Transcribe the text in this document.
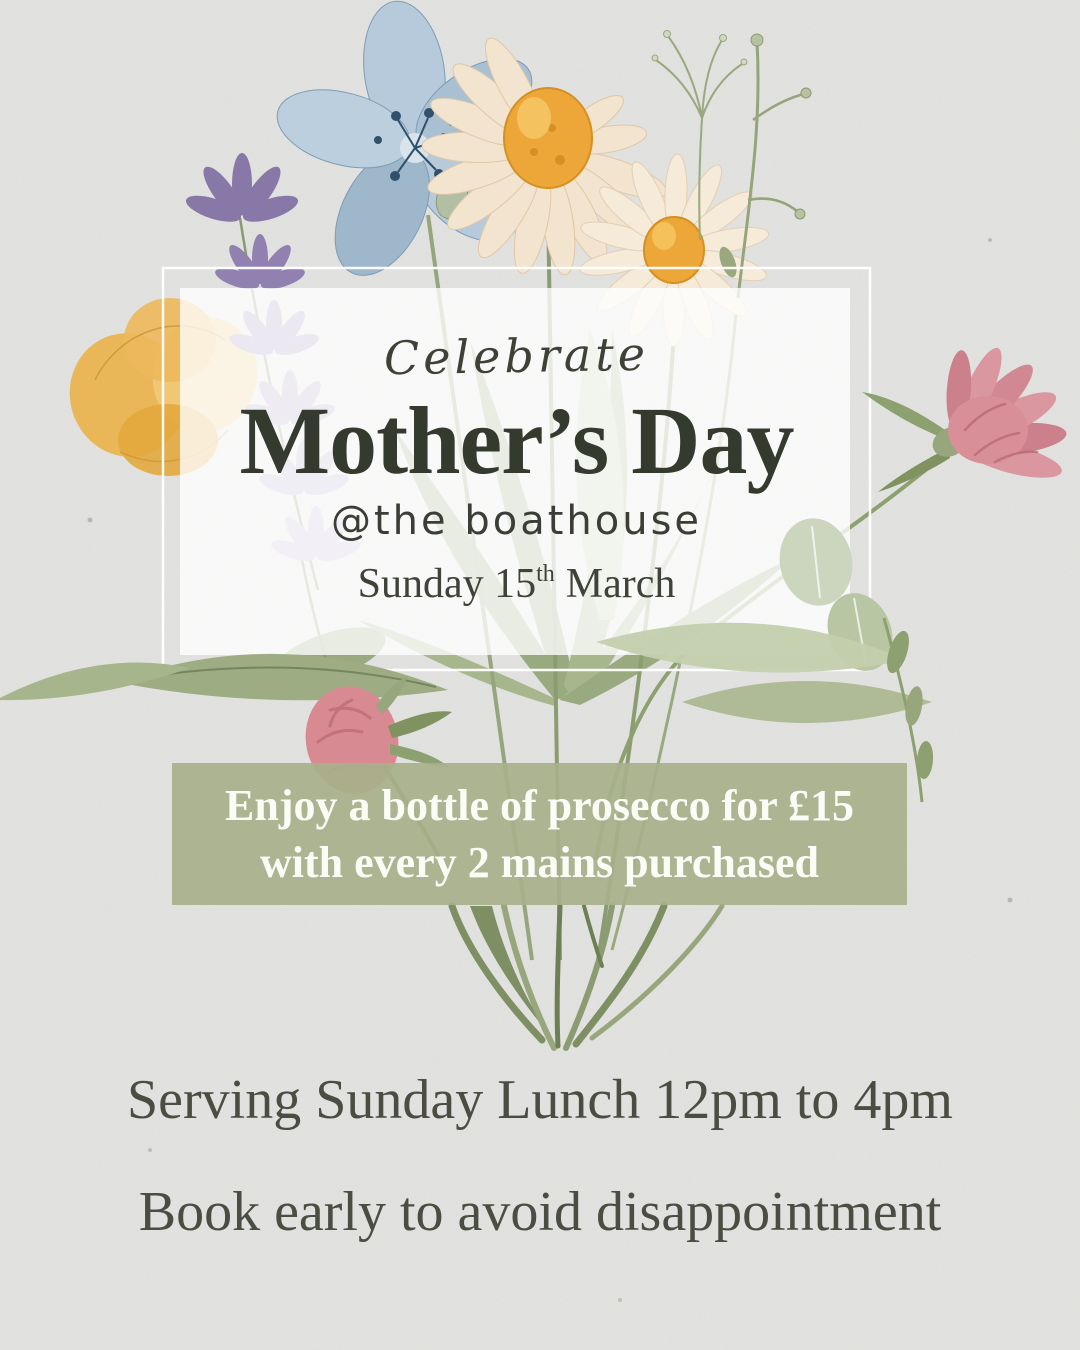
Celebrate
Mother’s Day
@the boathouse
Sunday 15th March
Enjoy a bottle of prosecco for £15
with every 2 mains purchased
Serving Sunday Lunch 12pm to 4pm
Book early to avoid disappointment
